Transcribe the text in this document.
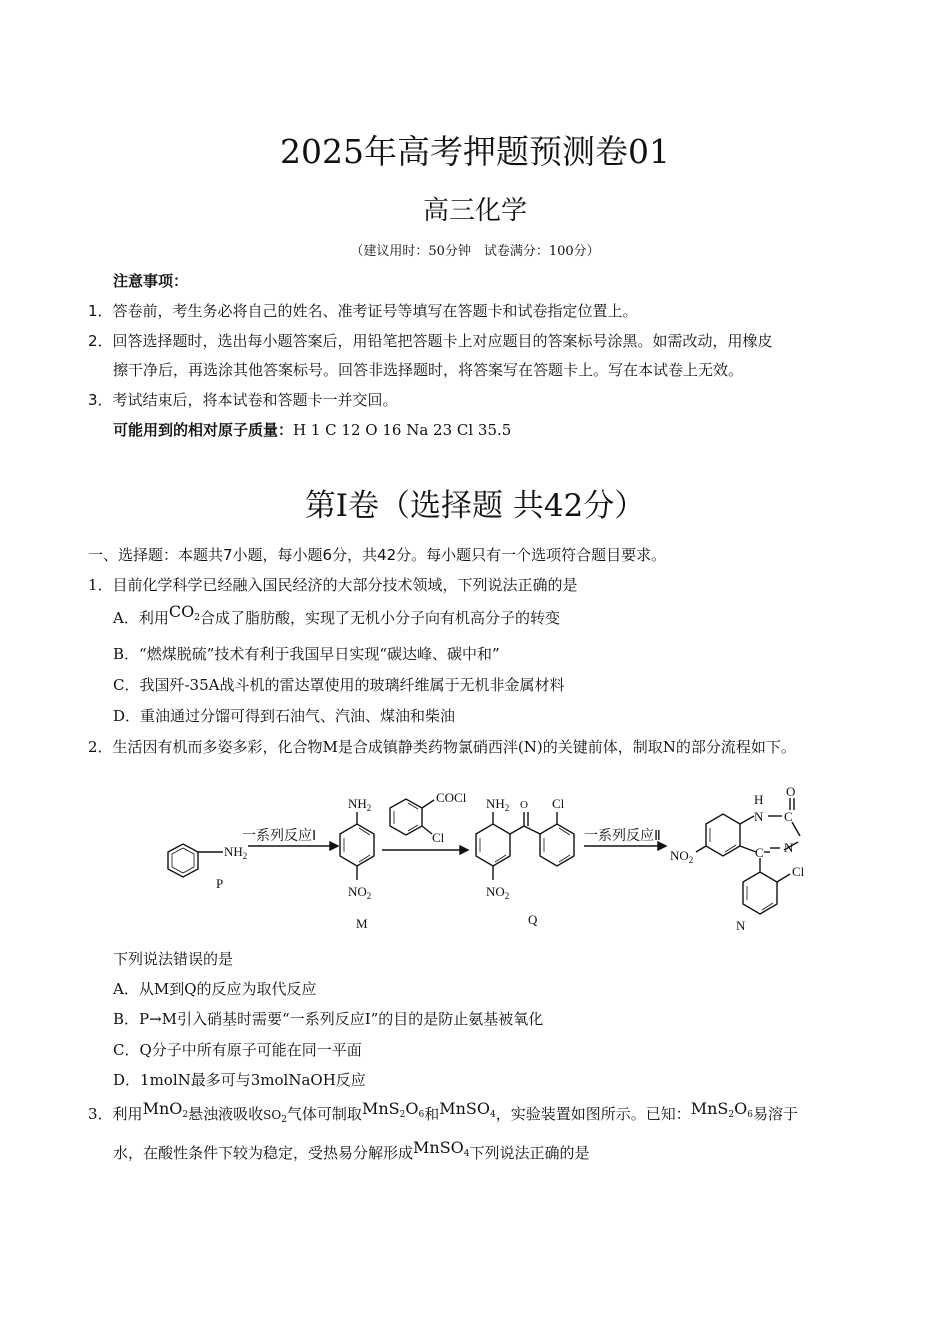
2025年高考押题预测卷01
高三化学
（建议用时：50分钟　试卷满分：100分）
注意事项：
1．答卷前，考生务必将自己的姓名、准考证号等填写在答题卡和试卷指定位置上。
2．回答选择题时，选出每小题答案后，用铅笔把答题卡上对应题目的答案标号涂黑。如需改动，用橡皮
擦干净后，再选涂其他答案标号。回答非选择题时，将答案写在答题卡上。写在本试卷上无效。
3．考试结束后，将本试卷和答题卡一并交回。
可能用到的相对原子质量：H 1 C 12 O 16 Na 23 Cl 35.5
第Ⅰ卷（选择题 共42分）
一、选择题：本题共7小题，每小题6分，共42分。每小题只有一个选项符合题目要求。
1．目前化学科学已经融入国民经济的大部分技术领域，下列说法正确的是
A．利用$CO_2$合成了脂肪酸，实现了无机小分子向有机高分子的转变
B．“燃煤脱硫”技术有利于我国早日实现“碳达峰、碳中和”
C．我国歼-35A战斗机的雷达罩使用的玻璃纤维属于无机非金属材料
D．重油通过分馏可得到石油气、汽油、煤油和柴油
2．生活因有机而多姿多彩，化合物M是合成镇静类药物氯硝西泮(N)的关键前体，制取N的部分流程如下。
$NH_2$
P
一系列反应Ⅰ
$NH_2$
$NO_2$
M
COCl
Cl
$NH_2$
$NO_2$
O Cl
Q
一系列反应Ⅱ
$NO_2$
H
N C
O
N
C
Cl
N
下列说法错误的是
A．从M到Q的反应为取代反应
B．P→M引入硝基时需要“一系列反应Ⅰ”的目的是防止氨基被氧化
C．Q分子中所有原子可能在同一平面
D．1molN最多可与3molNaOH反应
3．利用MnO$_2$悬浊液吸收$SO_2$气体可制取$MnS_2O_6$和MnSO$_4$，实验装置如图所示。已知：$MnS_2O_6$易溶于
水，在酸性条件下较为稳定，受热易分解形成MnSO$_4$下列说法正确的是
